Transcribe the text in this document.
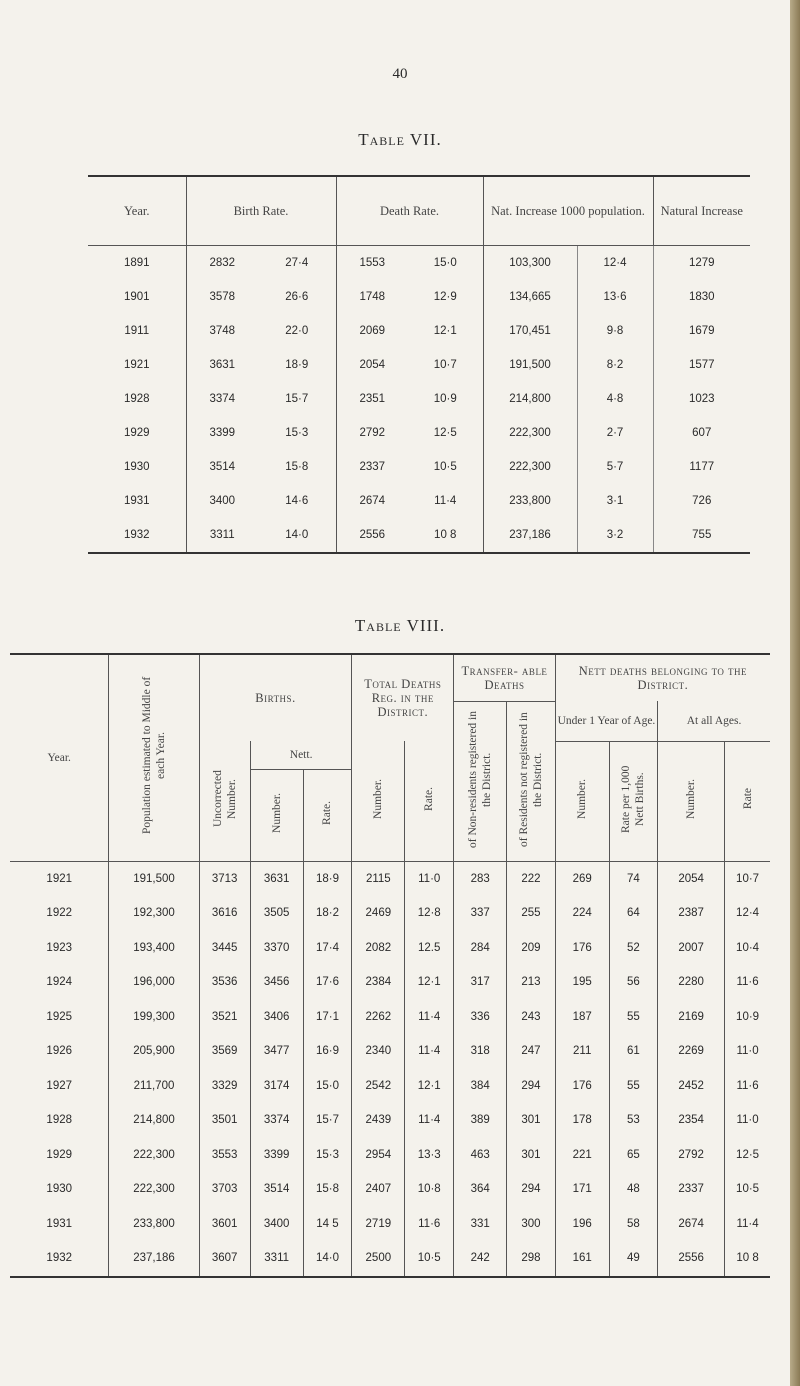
40
Table VII.
Year.	Birth Rate.		Death Rate.		Nat. Increase 1000 population.		Natural Increase
1891	2832	27·4	1553	15·0	103,300	12·4	1279
1901	3578	26·6	1748	12·9	134,665	13·6	1830
1911	3748	22·0	2069	12·1	170,451	9·8	1679
1921	3631	18·9	2054	10·7	191,500	8·2	1577
1928	3374	15·7	2351	10·9	214,800	4·8	1023
1929	3399	15·3	2792	12·5	222,300	2·7	607
1930	3514	15·8	2337	10·5	222,300	5·7	1177
1931	3400	14·6	2674	11·4	233,800	3·1	726
1932	3311	14·0	2556	10 8	237,186	3·2	755
Table VIII.
Year.	Population estimated to Middle of each Year.	Births.			Total Deaths Reg. in the District.		Transfer- able Deaths		Nett deaths belonging to the District.			
							of Non-residents registered in the District.	of Residents not registered in the District.	Under 1 Year of Age.		At all Ages.	
		Uncorrected Number.	Nett.		Number.	Rate.			Number.	Rate per 1,000 Nett Births.	Number.	Rate
			Number.	Rate.								
1921	191,500	3713	3631	18·9	2115	11·0	283	222	269	74	2054	10·7
1922	192,300	3616	3505	18·2	2469	12·8	337	255	224	64	2387	12·4
1923	193,400	3445	3370	17·4	2082	12.5	284	209	176	52	2007	10·4
1924	196,000	3536	3456	17·6	2384	12·1	317	213	195	56	2280	11·6
1925	199,300	3521	3406	17·1	2262	11·4	336	243	187	55	2169	10·9
1926	205,900	3569	3477	16·9	2340	11·4	318	247	211	61	2269	11·0
1927	211,700	3329	3174	15·0	2542	12·1	384	294	176	55	2452	11·6
1928	214,800	3501	3374	15·7	2439	11·4	389	301	178	53	2354	11·0
1929	222,300	3553	3399	15·3	2954	13·3	463	301	221	65	2792	12·5
1930	222,300	3703	3514	15·8	2407	10·8	364	294	171	48	2337	10·5
1931	233,800	3601	3400	14 5	2719	11·6	331	300	196	58	2674	11·4
1932	237,186	3607	3311	14·0	2500	10·5	242	298	161	49	2556	10 8
